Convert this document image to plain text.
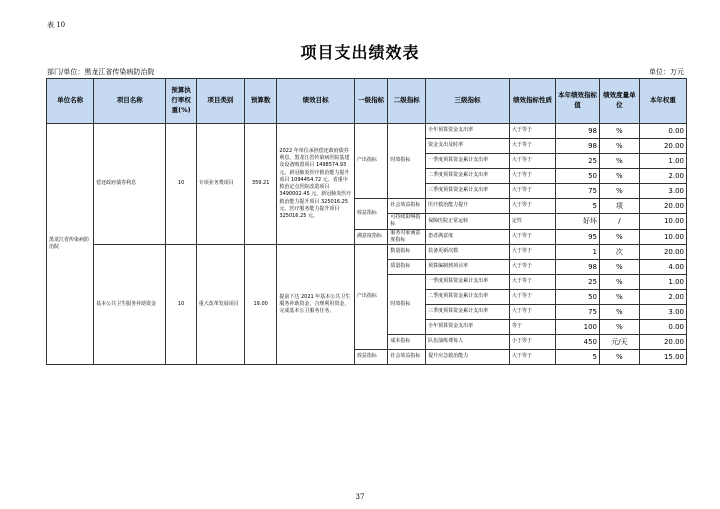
表 10
项目支出绩效表
部门/单位：黑龙江省传染病防治院	单位：万元
单位名称	项目名称	预算执行率权重(%)	项目类别	预算数	绩效目标	一级指标	二级指标	三级指标	绩效指标性质	本年绩效指标值	绩效度量单位	本年权重
黑龙江省传染病防治院	偿还政府债券利息	10	专项业务费项目	359.21	2022 年单位承担偿还政府债券利息，黑龙江省传染病医院基建及设备购置项目 1498574.93 元、新冠肺炎医疗救治能力提升项目 1094454.72 元、省重中救治定点医院改造项目 3490002.45 元、新冠肺炎医疗救治能力提升项目 325016.25 元、医疗服务能力提升项目 325016.25 元。	产出指标	时效指标	全年预算资金支出率	大于等于	98	%	0.00
								资金支出及时率	大于等于	98	%	20.00
								一季度预算资金累计支出率	大于等于	25	%	1.00
								二季度预算资金累计支出率	大于等于	50	%	2.00
								三季度预算资金累计支出率	大于等于	75	%	3.00
						效益指标	社会效益指标	医疗救治能力提升	大于等于	5	项	20.00
							可持续影响指标	保障医院正常运转	定性	好坏	/	10.00
						满意度指标	服务对象满意度指标	患者满意度	大于等于	95	%	10.00
	基本公共卫生服务补助资金	10	重大改革发展项目	19.00	提前下达 2021 年基本公共卫生服务补助资金，合理利用资金，完成基本公卫服务任务。	产出指标	数量指标	装备更新次数	大于等于	1	次	20.00
							质量指标	预算编制到项目率	大于等于	98	%	4.00
							时效指标	一季度预算资金累计支出率	大于等于	25	%	1.00
								二季度预算资金累计支出率	大于等于	50	%	2.00
								三季度预算资金累计支出率	大于等于	75	%	3.00
								全年预算资金支出率	等于	100	%	0.00
							成本指标	队伍演练费每人	小于等于	450	元/天	20.00
						效益指标	社会效益指标	提升应急救治能力	大于等于	5	%	15.00
37
